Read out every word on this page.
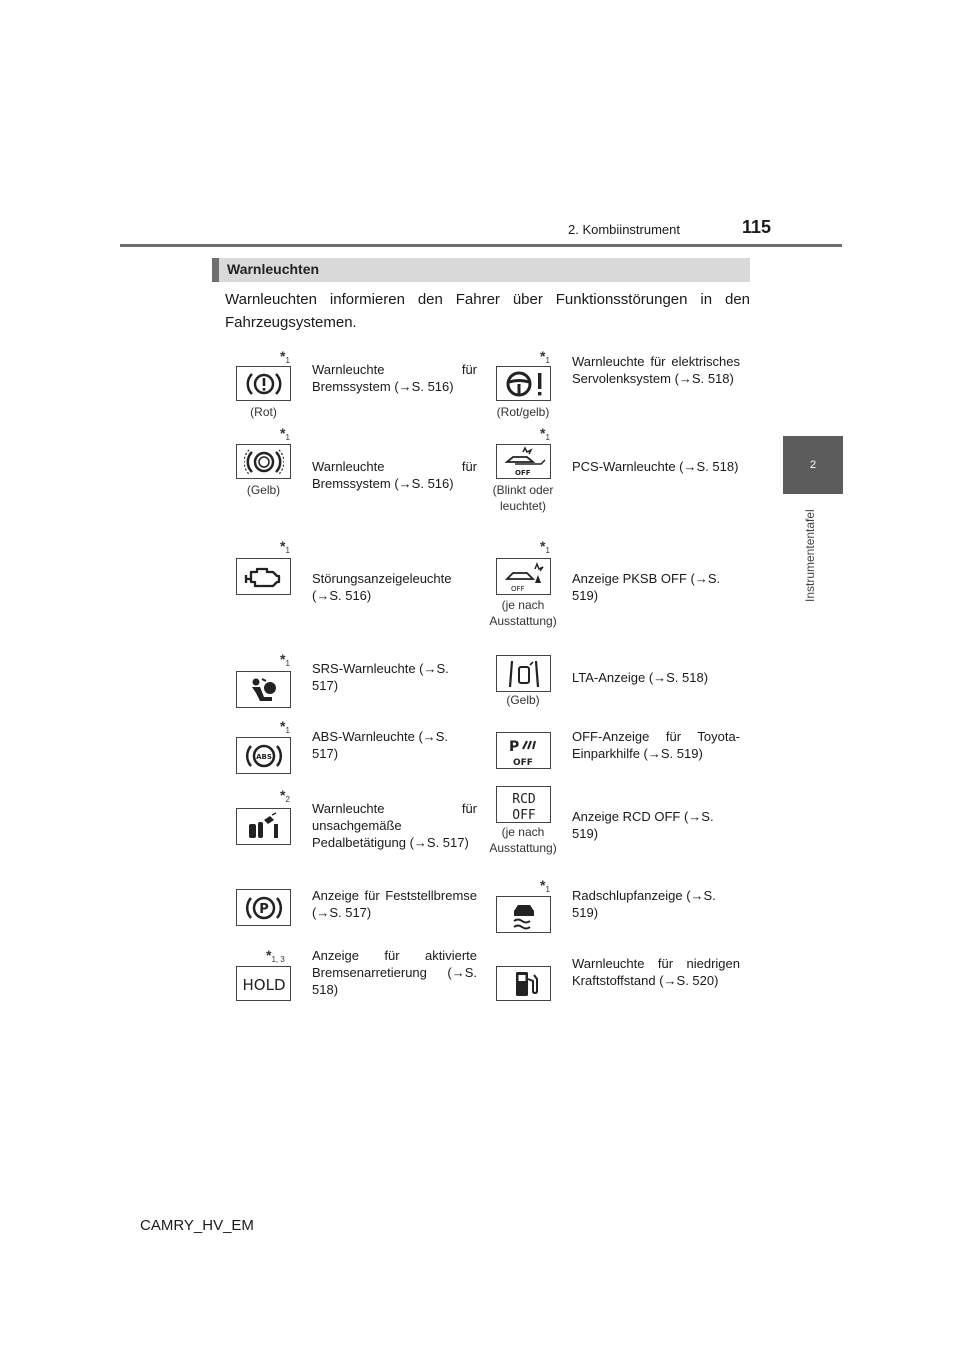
2. Kombiinstrument	115
2
Instrumententafel
Warnleuchten
Warnleuchten informieren den Fahrer über Funktionsstörungen in den Fahrzeugsystemen.
$*_1$
(Rot)
Warnleuchte für Bremssystem (→S. 516)
$*_1$
(Rot/gelb)
Warnleuchte für elektrisches Servolenksystem (→S. 518)
$*_1$
(Gelb)
Warnleuchte für Bremssystem (→S. 516)
$*_1$
OFF
(Blinkt oder leuchtet)
PCS-Warnleuchte (→S. 518)
$*_1$
Störungsanzeigeleuchte (→S. 516)
$*_1$
OFF
(je nach Ausstattung)
Anzeige PKSB OFF (→S. 519)
$*_1$ SRS-Warnleuchte (→S. 517)
(Gelb)
LTA-Anzeige (→S. 518)
$*_1$
ABS
ABS-Warnleuchte (→S. 517)	P
OFF
OFF-Anzeige für Toyota-Einparkhilfe (→S. 519)
$*_2$
Warnleuchte für unsachgemäße Pedalbetätigung (→S. 517)
RCD
OFF
(je nach Ausstattung)
Anzeige RCD OFF (→S. 519)
P
Anzeige für Feststellbremse (→S. 517)
$*_1$ Radschlupfanzeige (→S. 519)
$*_{1, 3}$
HOLD
Anzeige für aktivierte Bremsenarretierung (→S. 518)
Warnleuchte für niedrigen Kraftstoffstand (→S. 520)
CAMRY_HV_EM
